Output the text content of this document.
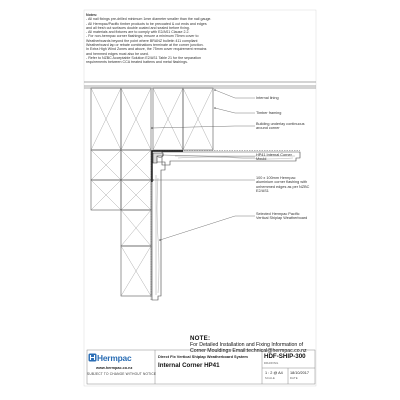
Notes:
- All nail fixings pre-drilled minimum 1mm diameter smaller than the nail gauge.
- All Hermpac/Pacific timber products to be precoated & cut ends and edges
and all fresh cut surfaces double coated and sealed before fixing.
- All materials and fixtures are to comply with E2/AS1 Clause 2.2.
- For non-hermpac corner flashings; ensure a minimum 75mm cover to
Weatherboards beyond the point where BRANZ bulletin 411 compliant
Weatherboard lap or rebate combinations terminate at the corner junction.
In Extra High Wind Zones and above, the 75mm cover requirement remains
and hemmed edges must also be used.
- Refer to NZBC Acceptable Solution E2/AS1 Table 21 for the separation
requirements between CCA treated battens and metal flashings.
Internal lining
Timber framing
Building underlay continuous around corner
HP41 Internal Corner Mould
100 x 100mm Hermpac aluminium corner flashing with unhemmed edges as per NZBC E2/AS1
Selected Hermpac Pacific Vertical Shiplap Weatherboard
NOTE:
For Detailed Installation and Fixing Information of
Corner Mouldings Email:technical@hermpac.co.nz
Hermpac
www.hermpac.co.nz
SUBJECT TO CHANGE WITHOUT NOTICE
Direct Fix Vertical Shiplap Weatherboard System
Internal Corner HP41
HDF-SHIP-300
DRAWING
1 : 2 @ A4
SCALE
18/10/2017
DATE
